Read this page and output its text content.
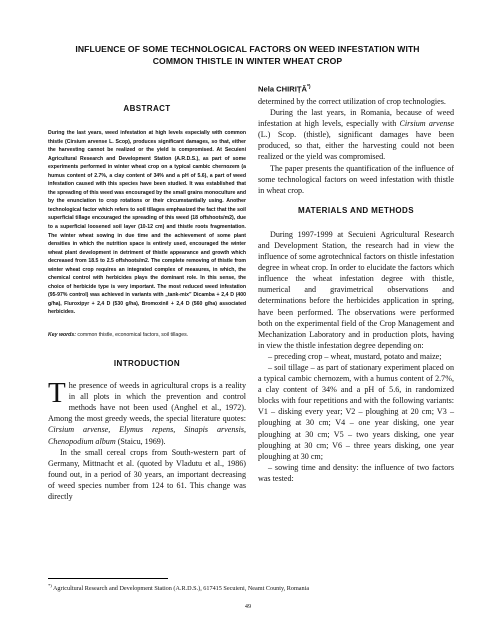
INFLUENCE OF SOME TECHNOLOGICAL FACTORS ON WEED INFESTATION WITH
COMMON THISTLE IN WINTER WHEAT CROP
Nela CHIRIȚĂ*)
ABSTRACT
During the last years, weed infestation at high levels especially with common thistle (Cirsium arvense L. Scop), produces significant damages, so that, either the harvesting cannot be realized or the yield is compromised. At Secuieni Agricultural Research and Development Station (A.R.D.S.), as part of some experiments performed in winter wheat crop on a typical cambic chernozem (a humus content of 2.7%, a clay content of 34% and a pH of 5.6), a part of weed infestation caused with this species have been studied. It was established that the spreading of this weed was encouraged by the small grains monoculture and by the enunciation to crop rotations or their circumstantially using. Another technological factor which refers to soil tillages emphasized the fact that the soil superficial tillage encouraged the spreading of this weed (18 offshoots/m2), due to a superficial loosened soil layer (10-12 cm) and thistle roots fragmentation. The winter wheat sowing in due time and the achievement of some plant densities in which the nutrition space is entirely used, encouraged the winter wheat plant development in detriment of thistle appearance and growth which decreased from 18.5 to 2.5 offshoots/m2. The complete removing of thistle from winter wheat crop requires an integrated complex of measures, in which, the chemical control with herbicides plays the dominant role. In this sense, the choice of herbicide type is very important. The most reduced weed infestation (95-97% control) was achieved in variants with „tank-mix” Dicamba + 2,4 D (400 g/ha), Fluroxipyr + 2,4 D (530 g/ha), Bromoxinil + 2,4 D (560 g/ha) associated herbicides.
Key words: common thistle, economical factors, soil tillages.
INTRODUCTION

The presence of weeds in agricultural crops is a reality in all plots in which the prevention and control methods have not been used (Anghel et al., 1972). Among the most greedy weeds, the special literature quotes: Cirsium arvense, Elymus repens, Sinapis arvensis, Chenopodium album (Staicu, 1969).

In the small cereal crops from South-western part of Germany, Mittnacht et al. (quoted by Vladutu et al., 1986) found out, in a period of 30 years, an important decreasing of weed species number from 124 to 61. This change was directly

determined by the correct utilization of crop technologies.

During the last years, in Romania, because of weed infestation at high levels, especially with Cirsium arvense (L.) Scop. (thistle), significant damages have been produced, so that, either the harvesting could not been realized or the yield was compromised.

The paper presents the quantification of the influence of some technological factors on weed infestation with thistle in wheat crop.

MATERIALS AND METHODS

During 1997-1999 at Secuieni Agricultural Research and Development Station, the research had in view the influence of some agrotechnical factors on thistle infestation degree in wheat crop. In order to elucidate the factors which influence the wheat infestation degree with thistle, numerical and gravimetrical observations and determinations before the herbicides application in spring, have been performed. The observations were performed both on the experimental field of the Crop Management and Mechanization Laboratory and in production plots, having in view the thistle infestation degree depending on:

– preceding crop – wheat, mustard, potato and maize;

– soil tillage – as part of stationary experiment placed on a typical cambic chernozem, with a humus content of 2.7%, a clay content of 34% and a pH of 5.6, in randomized blocks with four repetitions and with the following variants: V1 – disking every year; V2 – ploughing at 20 cm; V3 – ploughing at 30 cm; V4 – one year disking, one year ploughing at 30 cm; V5 – two years disking, one year ploughing at 30 cm; V6 – three years disking, one year ploughing at 30 cm;

– sowing time and density: the influence of two factors was tested:

*) Agricultural Research and Development Station (A.R.D.S.), 617415 Secuieni, Neamt County, Romania
49
